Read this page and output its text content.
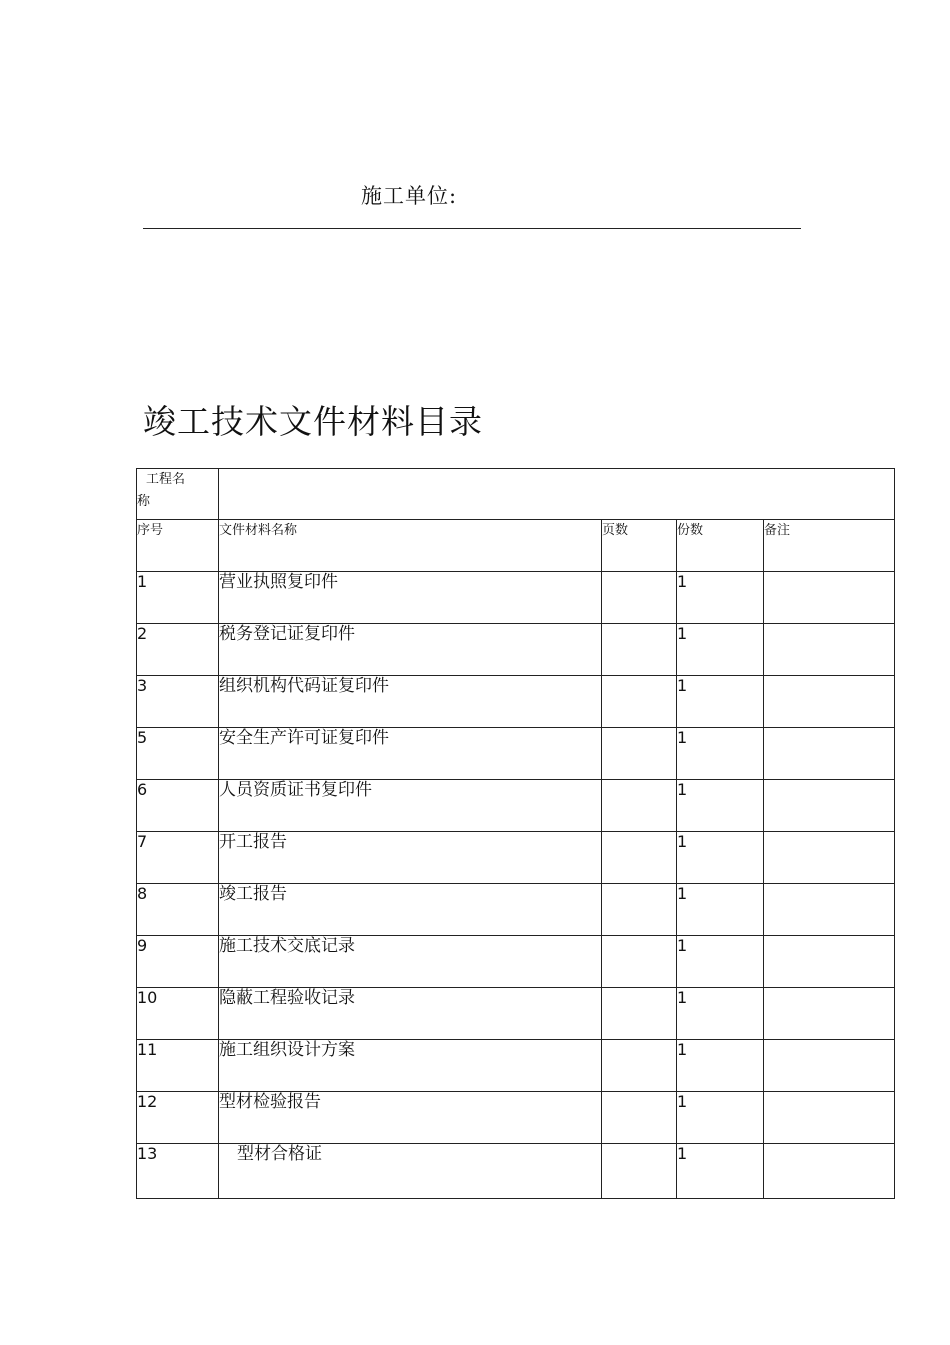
施工单位:
竣工技术文件材料目录
工程名
称				

序号	文件材料名称	页数	份数	备注
1	营业执照复印件		1	
2	税务登记证复印件		1	
3	组织机构代码证复印件		1	
5	安全生产许可证复印件		1	
6	人员资质证书复印件		1	
7	开工报告		1	
8	竣工报告		1	
9	施工技术交底记录		1	
10	隐蔽工程验收记录		1	
11	施工组织设计方案		1	
12	型材检验报告		1	
13	型材合格证		1	
